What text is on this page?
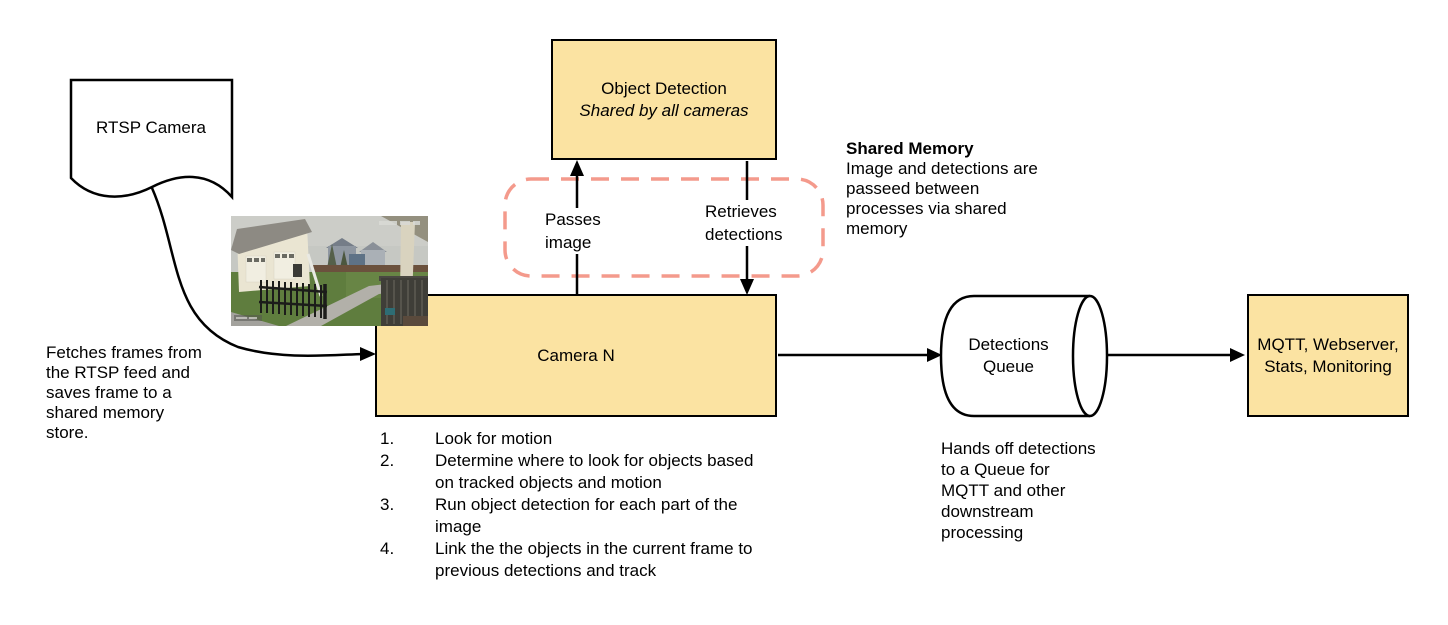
Object Detection
Shared by all cameras
Camera N
MQTT, Webserver, Stats, Monitoring
RTSP Camera
Detections Queue
Passes image
Retrieves detections
Fetches frames from
the RTSP feed and
saves frame to a
shared memory
store.
Shared Memory
Image and detections are
passeed between
processes via shared
memory
Hands off detections
to a Queue for
MQTT and other
downstream
processing
1.	Look for motion
2.	Determine where to look for objects based on tracked objects and motion
3.	Run object detection for each part of the image
4.	Link the the objects in the current frame to previous detections and track
